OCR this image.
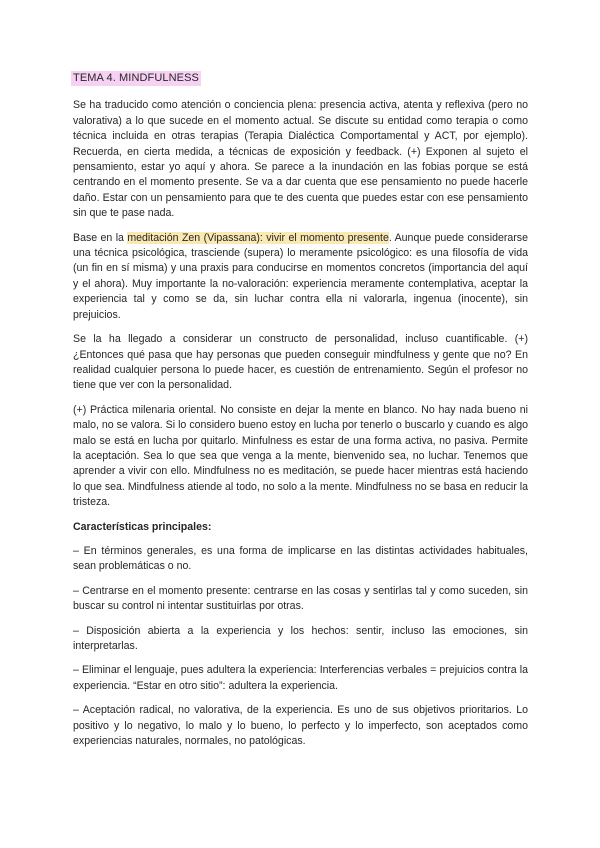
TEMA 4. MINDFULNESS

Se ha traducido como atención o conciencia plena: presencia activa, atenta y reflexiva (pero no valorativa) a lo que sucede en el momento actual. Se discute su entidad como terapia o como técnica incluida en otras terapias (Terapia Dialéctica Comportamental y ACT, por ejemplo). Recuerda, en cierta medida, a técnicas de exposición y feedback. (+) Exponen al sujeto el pensamiento, estar yo aquí y ahora. Se parece a la inundación en las fobias porque se está centrando en el momento presente. Se va a dar cuenta que ese pensamiento no puede hacerle daño. Estar con un pensamiento para que te des cuenta que puedes estar con ese pensamiento sin que te pase nada.

Base en la meditación Zen (Vipassana): vivir el momento presente. Aunque puede considerarse una técnica psicológica, trasciende (supera) lo meramente psicológico: es una filosofía de vida (un fin en sí misma) y una praxis para conducirse en momentos concretos (importancia del aquí y el ahora). Muy importante la no-valoración: experiencia meramente contemplativa, aceptar la experiencia tal y como se da, sin luchar contra ella ni valorarla, ingenua (inocente), sin prejuicios.

Se la ha llegado a considerar un constructo de personalidad, incluso cuantificable. (+) ¿Entonces qué pasa que hay personas que pueden conseguir mindfulness y gente que no? En realidad cualquier persona lo puede hacer, es cuestión de entrenamiento. Según el profesor no tiene que ver con la personalidad.

(+) Práctica milenaria oriental. No consiste en dejar la mente en blanco. No hay nada bueno ni malo, no se valora. Si lo considero bueno estoy en lucha por tenerlo o buscarlo y cuando es algo malo se está en lucha por quitarlo. Minfulness es estar de una forma activa, no pasiva. Permite la aceptación. Sea lo que sea que venga a la mente, bienvenido sea, no luchar. Tenemos que aprender a vivir con ello. Mindfulness no es meditación, se puede hacer mientras está haciendo lo que sea. Mindfulness atiende al todo, no solo a la mente. Mindfulness no se basa en reducir la tristeza.

Características principales:

– En términos generales, es una forma de implicarse en las distintas actividades habituales, sean problemáticas o no.

– Centrarse en el momento presente: centrarse en las cosas y sentirlas tal y como suceden, sin buscar su control ni intentar sustituirlas por otras.

– Disposición abierta a la experiencia y los hechos: sentir, incluso las emociones, sin interpretarlas.

– Eliminar el lenguaje, pues adultera la experiencia: Interferencias verbales = prejuicios contra la experiencia. “Estar en otro sitio”: adultera la experiencia.

– Aceptación radical, no valorativa, de la experiencia. Es uno de sus objetivos prioritarios. Lo positivo y lo negativo, lo malo y lo bueno, lo perfecto y lo imperfecto, son aceptados como experiencias naturales, normales, no patológicas.
